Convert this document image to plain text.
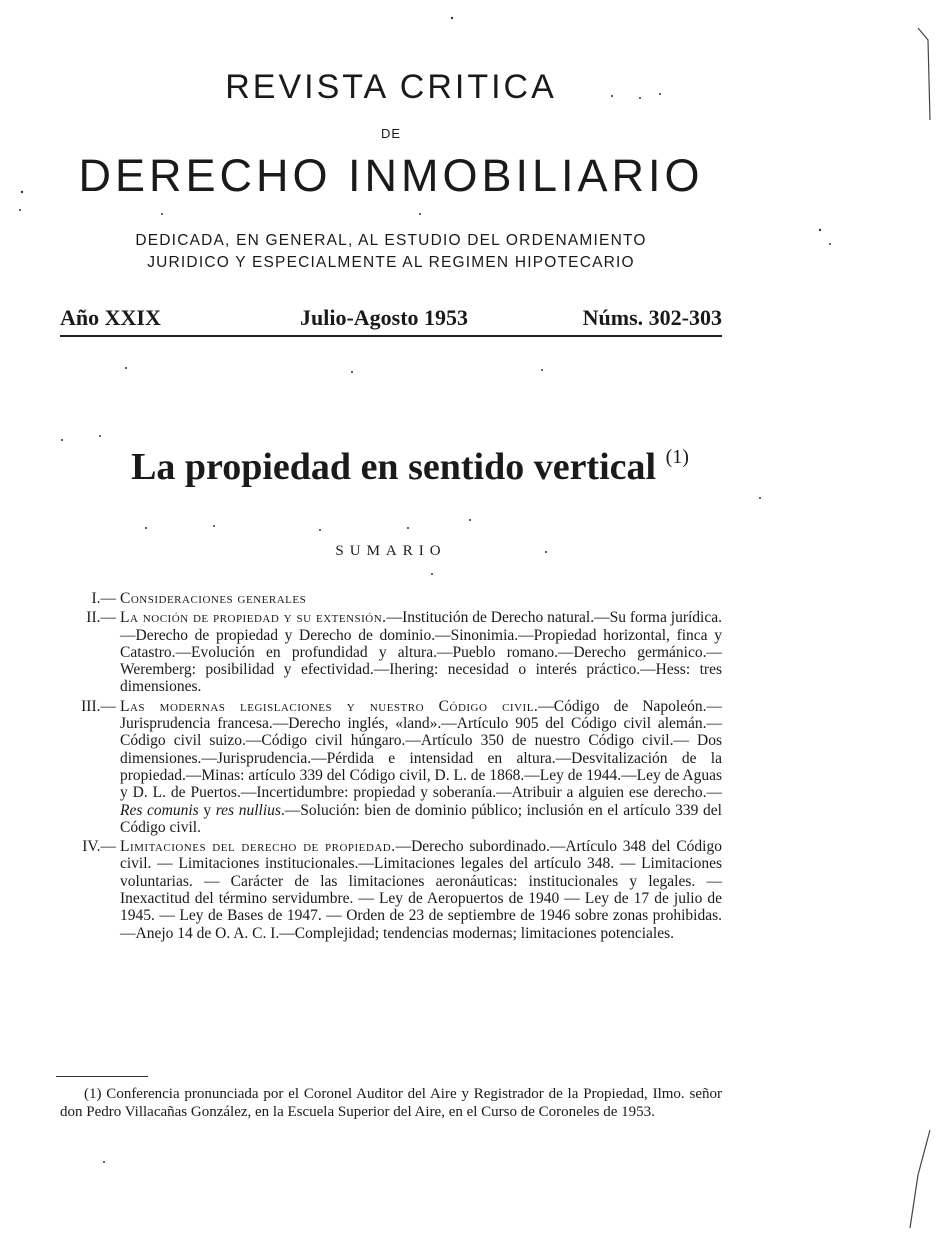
REVISTA CRITICA
DE
DERECHO INMOBILIARIO
DEDICADA, EN GENERAL, AL ESTUDIO DEL ORDENAMIENTO
JURIDICO Y ESPECIALMENTE AL REGIMEN HIPOTECARIO
Año XXIX	Julio-Agosto 1953	Núms. 302-303
La propiedad en sentido vertical $^{(1)}$
SUMARIO
I.— Consideraciones generales
II.— La noción de propiedad y su extensión.—Institución de Derecho natural.—Su forma jurídica.—Derecho de propiedad y Derecho de dominio.—Sinonimia.—Propiedad horizontal, finca y Catastro.—Evolución en profundidad y altura.—Pueblo romano.—Derecho germánico.—Weremberg: posibilidad y efectividad.—Ihering: necesidad o interés práctico.—Hess: tres dimensiones.
III.— Las modernas legislaciones y nuestro Código civil.—Código de Napoleón.—Jurisprudencia francesa.—Derecho inglés, «land».—Artículo 905 del Código civil alemán.—Código civil suizo.—Código civil húngaro.—Artículo 350 de nuestro Código civil.— Dos dimensiones.—Jurisprudencia.—Pérdida e intensidad en altura.—Desvitalización de la propiedad.—Minas: artículo 339 del Código civil, D. L. de 1868.—Ley de 1944.—Ley de Aguas y D. L. de Puertos.—Incertidumbre: propiedad y soberanía.—Atribuir a alguien ese derecho.—Res comunis y res nullius.—Solución: bien de dominio público; inclusión en el artículo 339 del Código civil.
IV.— Limitaciones del derecho de propiedad.—Derecho subordinado.—Artículo 348 del Código civil. — Limitaciones institucionales.—Limitaciones legales del artículo 348. — Limitaciones voluntarias. — Carácter de las limitaciones aeronáuticas: institucionales y legales. — Inexactitud del término servidumbre. — Ley de Aeropuertos de 1940 — Ley de 17 de julio de 1945. — Ley de Bases de 1947. — Orden de 23 de septiembre de 1946 sobre zonas prohibidas.—Anejo 14 de O. A. C. I.—Complejidad; tendencias modernas; limitaciones potenciales.
(1) Conferencia pronunciada por el Coronel Auditor del Aire y Registrador de la Propiedad, Ilmo. señor don Pedro Villacañas González, en la Escuela Superior del Aire, en el Curso de Coroneles de 1953.
